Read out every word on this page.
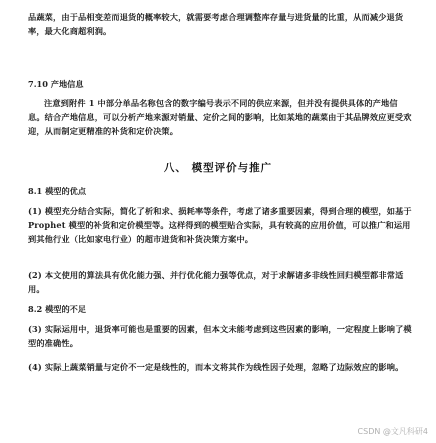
品蔬菜，由于品相变差而退货的概率较大，就需要考虑合理调整库存量与进货量的比重，从而减少退货率，最大化商超利润。
7.10 产地信息
注意到附件 1 中部分单品名称包含的数字编号表示不同的供应来源，但并没有提供具体的产地信息。结合产地信息，可以分析产地来源对销量、定价之间的影响，比如某地的蔬菜由于其品牌效应更受欢迎，从而制定更精准的补货和定价决策。
八、 模型评价与推广
8.1 模型的优点
(1) 模型充分结合实际，简化了析和求、损耗率等条件，考虑了诸多重要因素，得到合理的模型，如基于 Prophet 模型的补货和定价模型等。这样得到的模型贴合实际，具有较高的应用价值，可以推广和运用到其他行业（比如家电行业）的超市进货和补货决策方案中。
(2) 本文使用的算法具有优化能力强、并行优化能力强等优点，对于求解诸多非线性回归模型都非常适用。
8.2 模型的不足
(3) 实际运用中，退货率可能也是重要的因素，但本文未能考虑到这些因素的影响，一定程度上影响了模型的准确性。
(4) 实际上蔬菜销量与定价不一定是线性的，而本文将其作为线性因子处理，忽略了边际效应的影响。
CSDN @文凡科研4
